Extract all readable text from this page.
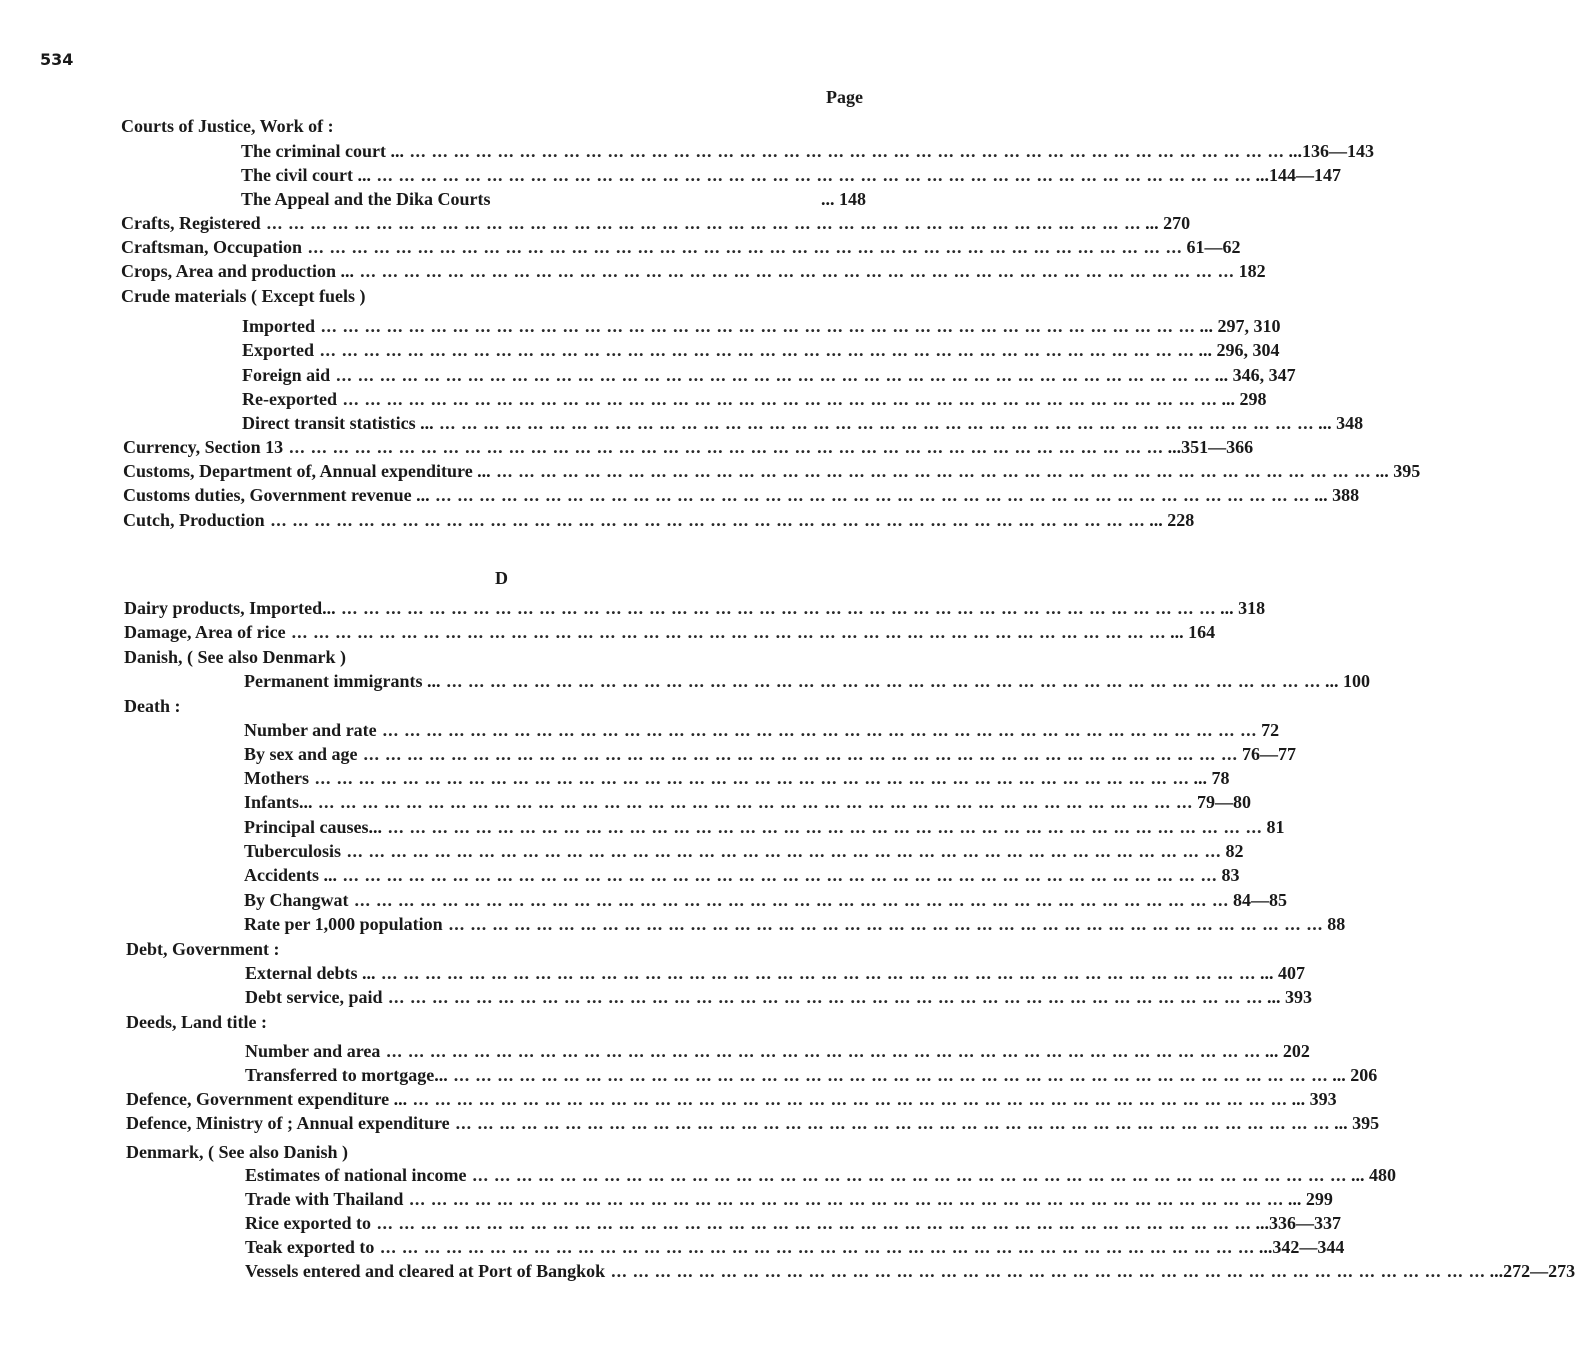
534
Page
D
Courts of Justice, Work of :
The criminal court ... ... ... ... ... ... ... ... ... ... ... ... ... ... ... ... ... ... ... ... ... ... ... ... ... ... ... ... ... ... ... ... ... ... ... ... ... ... ... ... ... ...136—143
The civil court ... ... ... ... ... ... ... ... ... ... ... ... ... ... ... ... ... ... ... ... ... ... ... ... ... ... ... ... ... ... ... ... ... ... ... ... ... ... ... ... ... ...144—147
The Appeal and the Dika Courts	... 148
Crafts, Registered ... ... ... ... ... ... ... ... ... ... ... ... ... ... ... ... ... ... ... ... ... ... ... ... ... ... ... ... ... ... ... ... ... ... ... ... ... ... ... ... ... 270
Craftsman, Occupation ... ... ... ... ... ... ... ... ... ... ... ... ... ... ... ... ... ... ... ... ... ... ... ... ... ... ... ... ... ... ... ... ... ... ... ... ... ... ... ... 61—62
Crops, Area and production ... ... ... ... ... ... ... ... ... ... ... ... ... ... ... ... ... ... ... ... ... ... ... ... ... ... ... ... ... ... ... ... ... ... ... ... ... ... ... ... ... 182
Crude materials ( Except fuels )
Imported ... ... ... ... ... ... ... ... ... ... ... ... ... ... ... ... ... ... ... ... ... ... ... ... ... ... ... ... ... ... ... ... ... ... ... ... ... ... ... ... ... 297, 310
Exported ... ... ... ... ... ... ... ... ... ... ... ... ... ... ... ... ... ... ... ... ... ... ... ... ... ... ... ... ... ... ... ... ... ... ... ... ... ... ... ... ... 296, 304
Foreign aid ... ... ... ... ... ... ... ... ... ... ... ... ... ... ... ... ... ... ... ... ... ... ... ... ... ... ... ... ... ... ... ... ... ... ... ... ... ... ... ... ... 346, 347
Re-exported ... ... ... ... ... ... ... ... ... ... ... ... ... ... ... ... ... ... ... ... ... ... ... ... ... ... ... ... ... ... ... ... ... ... ... ... ... ... ... ... ... 298
Direct transit statistics ... ... ... ... ... ... ... ... ... ... ... ... ... ... ... ... ... ... ... ... ... ... ... ... ... ... ... ... ... ... ... ... ... ... ... ... ... ... ... ... ... ... 348
Currency, Section 13 ... ... ... ... ... ... ... ... ... ... ... ... ... ... ... ... ... ... ... ... ... ... ... ... ... ... ... ... ... ... ... ... ... ... ... ... ... ... ... ... ...351—366
Customs, Department of, Annual expenditure ... ... ... ... ... ... ... ... ... ... ... ... ... ... ... ... ... ... ... ... ... ... ... ... ... ... ... ... ... ... ... ... ... ... ... ... ... ... ... ... ... ... 395
Customs duties, Government revenue ... ... ... ... ... ... ... ... ... ... ... ... ... ... ... ... ... ... ... ... ... ... ... ... ... ... ... ... ... ... ... ... ... ... ... ... ... ... ... ... ... ... 388
Cutch, Production ... ... ... ... ... ... ... ... ... ... ... ... ... ... ... ... ... ... ... ... ... ... ... ... ... ... ... ... ... ... ... ... ... ... ... ... ... ... ... ... ... 228
Dairy products, Imported... ... ... ... ... ... ... ... ... ... ... ... ... ... ... ... ... ... ... ... ... ... ... ... ... ... ... ... ... ... ... ... ... ... ... ... ... ... ... ... ... ... 318
Damage, Area of rice ... ... ... ... ... ... ... ... ... ... ... ... ... ... ... ... ... ... ... ... ... ... ... ... ... ... ... ... ... ... ... ... ... ... ... ... ... ... ... ... ... 164
Danish, ( See also Denmark )
Permanent immigrants ... ... ... ... ... ... ... ... ... ... ... ... ... ... ... ... ... ... ... ... ... ... ... ... ... ... ... ... ... ... ... ... ... ... ... ... ... ... ... ... ... ... 100
Death :
Number and rate ... ... ... ... ... ... ... ... ... ... ... ... ... ... ... ... ... ... ... ... ... ... ... ... ... ... ... ... ... ... ... ... ... ... ... ... ... ... ... ... 72
By sex and age ... ... ... ... ... ... ... ... ... ... ... ... ... ... ... ... ... ... ... ... ... ... ... ... ... ... ... ... ... ... ... ... ... ... ... ... ... ... ... ... 76—77
Mothers ... ... ... ... ... ... ... ... ... ... ... ... ... ... ... ... ... ... ... ... ... ... ... ... ... ... ... ... ... ... ... ... ... ... ... ... ... ... ... ... ... 78
Infants... ... ... ... ... ... ... ... ... ... ... ... ... ... ... ... ... ... ... ... ... ... ... ... ... ... ... ... ... ... ... ... ... ... ... ... ... ... ... ... ... 79—80
Principal causes... ... ... ... ... ... ... ... ... ... ... ... ... ... ... ... ... ... ... ... ... ... ... ... ... ... ... ... ... ... ... ... ... ... ... ... ... ... ... ... ... 81
Tuberculosis ... ... ... ... ... ... ... ... ... ... ... ... ... ... ... ... ... ... ... ... ... ... ... ... ... ... ... ... ... ... ... ... ... ... ... ... ... ... ... ... 82
Accidents ... ... ... ... ... ... ... ... ... ... ... ... ... ... ... ... ... ... ... ... ... ... ... ... ... ... ... ... ... ... ... ... ... ... ... ... ... ... ... ... ... 83
By Changwat ... ... ... ... ... ... ... ... ... ... ... ... ... ... ... ... ... ... ... ... ... ... ... ... ... ... ... ... ... ... ... ... ... ... ... ... ... ... ... ... 84—85
Rate per 1,000 population ... ... ... ... ... ... ... ... ... ... ... ... ... ... ... ... ... ... ... ... ... ... ... ... ... ... ... ... ... ... ... ... ... ... ... ... ... ... ... ... 88
Debt, Government :
External debts ... ... ... ... ... ... ... ... ... ... ... ... ... ... ... ... ... ... ... ... ... ... ... ... ... ... ... ... ... ... ... ... ... ... ... ... ... ... ... ... ... ... 407
Debt service, paid ... ... ... ... ... ... ... ... ... ... ... ... ... ... ... ... ... ... ... ... ... ... ... ... ... ... ... ... ... ... ... ... ... ... ... ... ... ... ... ... ... 393
Deeds, Land title :
Number and area ... ... ... ... ... ... ... ... ... ... ... ... ... ... ... ... ... ... ... ... ... ... ... ... ... ... ... ... ... ... ... ... ... ... ... ... ... ... ... ... ... 202
Transferred to mortgage... ... ... ... ... ... ... ... ... ... ... ... ... ... ... ... ... ... ... ... ... ... ... ... ... ... ... ... ... ... ... ... ... ... ... ... ... ... ... ... ... ... 206
Defence, Government expenditure ... ... ... ... ... ... ... ... ... ... ... ... ... ... ... ... ... ... ... ... ... ... ... ... ... ... ... ... ... ... ... ... ... ... ... ... ... ... ... ... ... ... 393
Defence, Ministry of ; Annual expenditure ... ... ... ... ... ... ... ... ... ... ... ... ... ... ... ... ... ... ... ... ... ... ... ... ... ... ... ... ... ... ... ... ... ... ... ... ... ... ... ... ... 395
Denmark, ( See also Danish )
Estimates of national income ... ... ... ... ... ... ... ... ... ... ... ... ... ... ... ... ... ... ... ... ... ... ... ... ... ... ... ... ... ... ... ... ... ... ... ... ... ... ... ... ... 480
Trade with Thailand ... ... ... ... ... ... ... ... ... ... ... ... ... ... ... ... ... ... ... ... ... ... ... ... ... ... ... ... ... ... ... ... ... ... ... ... ... ... ... ... ... 299
Rice exported to ... ... ... ... ... ... ... ... ... ... ... ... ... ... ... ... ... ... ... ... ... ... ... ... ... ... ... ... ... ... ... ... ... ... ... ... ... ... ... ... ...336—337
Teak exported to ... ... ... ... ... ... ... ... ... ... ... ... ... ... ... ... ... ... ... ... ... ... ... ... ... ... ... ... ... ... ... ... ... ... ... ... ... ... ... ... ...342—344
Vessels entered and cleared at Port of Bangkok ... ... ... ... ... ... ... ... ... ... ... ... ... ... ... ... ... ... ... ... ... ... ... ... ... ... ... ... ... ... ... ... ... ... ... ... ... ... ... ... ...272—273
